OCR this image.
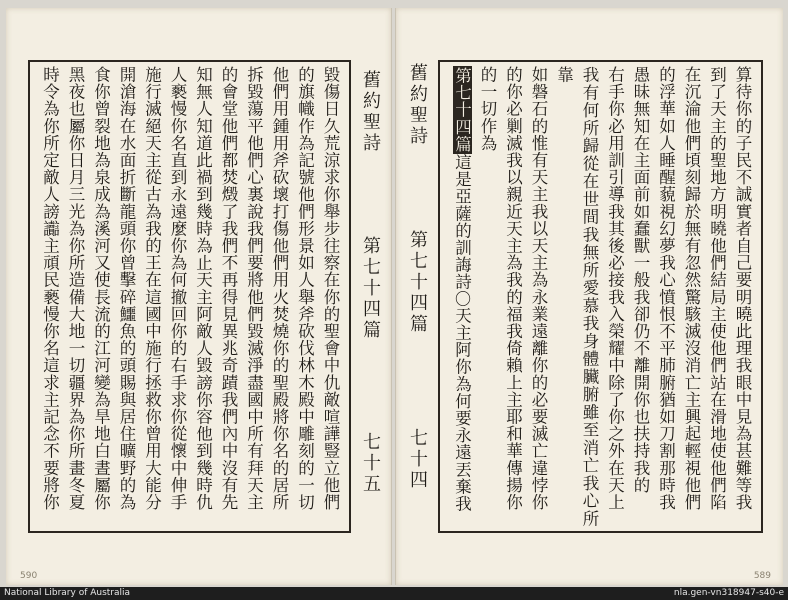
舊約聖詩
第七十四篇
七十五
毀傷日久荒涼求你舉步往察在你的聖會中仇敵喧譁豎立他們
的旗幟作為記號他們形景如人舉斧砍伐林木殿中雕刻的一切
他們用鍾用斧砍壞打傷他們用火焚燒你的聖殿將你名的居所
拆毀蕩平他們心裏說我們要將他們毀滅淨盡國中所有拜天主
的會堂他們都焚燬了我們不再得見異兆奇蹟我們內中沒有先
知無人知道此禍到幾時為止天主阿敵人毀謗你容他到幾時仇
人褻慢你名直到永遠麼你為何撤回你的右手求你從懷中伸手
施行滅絕天主從古為我的王在這國中施行拯救你曾用大能分
開滄海在水面折斷龍頭你曾擊碎鱷魚的頭賜與居住曠野的為
食你曾裂地為泉成為溪河又使長流的江河變為旱地白晝屬你
黑夜也屬你日月三光為你所造備大地一切疆界為你所畫冬夏
時令為你所定敵人謗讟主頑民褻慢你名這求主記念不要將你
590
舊約聖詩
第七十四篇
七十四	算待你的子民不誠實者自己要明曉此理我眼中見為甚難等我
到了天主的聖地方明曉他們結局主使他們站在滑地使他們陷
在沉淪他們頃刻歸於無有忽然驚駭滅沒消亡主興起輕視他們
的浮華如人睡醒藐視幻夢我心憤恨不平肺腑猶如刀割那時我
愚昧無知在主面前如蠢獸一般我卻仍不離開你也扶持我的
右手你必用訓引導我其後必接我入榮耀中除了你之外在天上
我有何所歸從在世間我無所愛慕我身體臟腑雖至消亡我心所靠
如磐石的惟有天主我以天主為永業遠離你的必要滅亡違悖你
的你必剿滅我以親近天主為我的福我倚賴上主耶和華傳揚你
的一切作為
第七十四篇這是亞薩的訓誨詩〇天主阿你為何要永遠丟棄我
589
National Library of Australia	nla.gen-vn318947-s40-e
